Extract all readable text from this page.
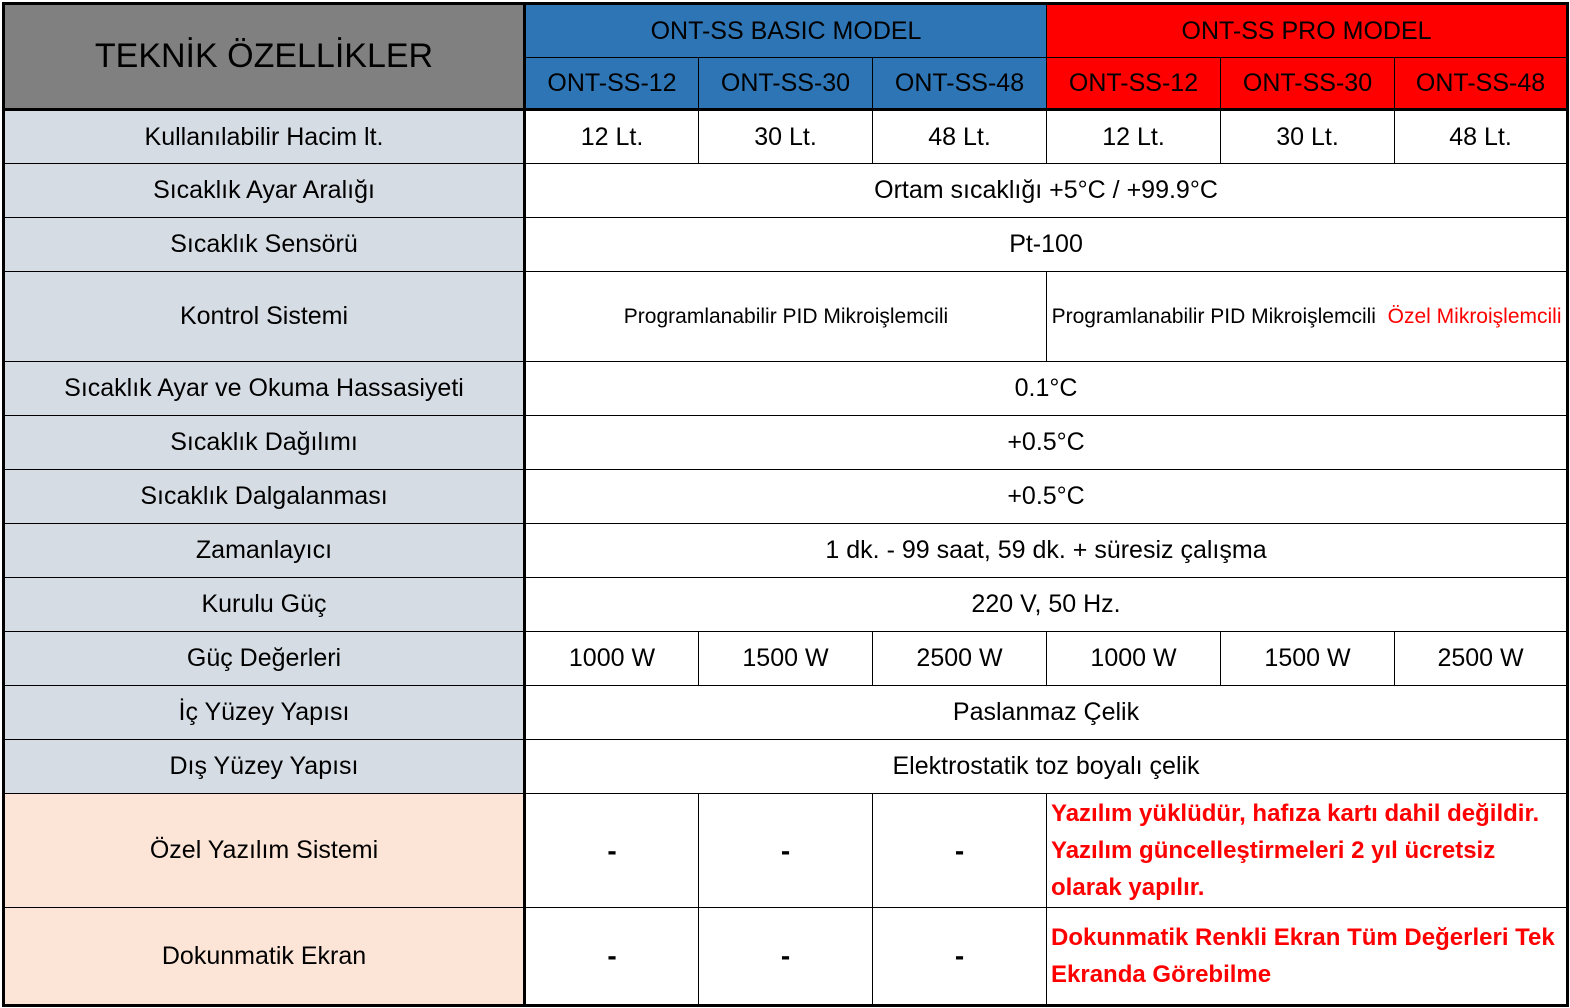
TEKNİK ÖZELLİKLER	ONT-SS BASIC MODEL			ONT-SS PRO MODEL		
	ONT-SS-12	ONT-SS-30	ONT-SS-48	ONT-SS-12	ONT-SS-30	ONT-SS-48
Kullanılabilir Hacim lt.	12 Lt.	30 Lt.	48 Lt.	12 Lt.	30 Lt.	48 Lt.
Sıcaklık Ayar Aralığı	Ortam sıcaklığı +5°C / +99.9°C					
Sıcaklık Sensörü	Pt-100					
Kontrol Sistemi	Programlanabilir PID Mikroişlemcili			Programlanabilir PID Mikroişlemcili Özel Mikroişlemcili		
Sıcaklık Ayar ve Okuma Hassasiyeti	0.1°C					
Sıcaklık Dağılımı	+0.5°C					
Sıcaklık Dalgalanması	+0.5°C					
Zamanlayıcı	1 dk. - 99 saat, 59 dk. + süresiz çalışma					
Kurulu Güç	220 V, 50 Hz.					
Güç Değerleri	1000 W	1500 W	2500 W	1000 W	1500 W	2500 W
İç Yüzey Yapısı	Paslanmaz Çelik					
Dış Yüzey Yapısı	Elektrostatik toz boyalı çelik					
Özel Yazılım Sistemi	-	-	-	Yazılım yüklüdür, hafıza kartı dahil değildir. Yazılım güncelleştirmeleri 2 yıl ücretsiz olarak yapılır.		
Dokunmatik Ekran	-	-	-	Dokunmatik Renkli Ekran Tüm Değerleri Tek Ekranda Görebilme		
